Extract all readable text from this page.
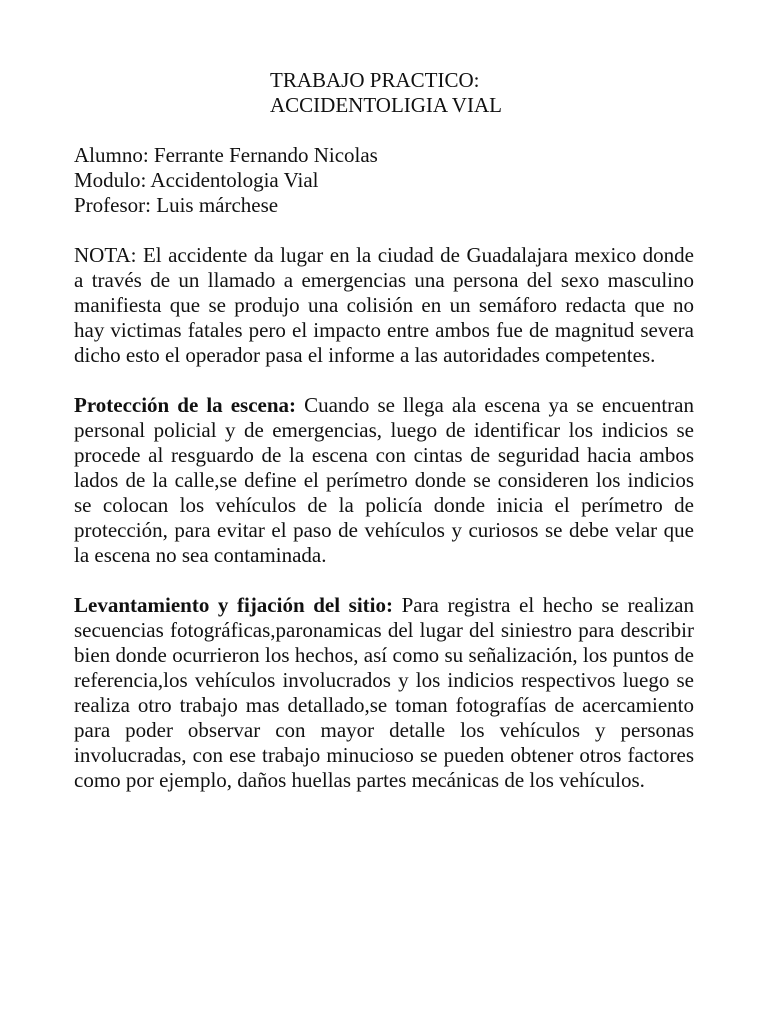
TRABAJO PRACTICO:
ACCIDENTOLIGIA VIAL
Alumno: Ferrante Fernando Nicolas
Modulo: Accidentologia Vial
Profesor: Luis márchese

NOTA: El accidente da lugar en la ciudad de Guadalajara mexico donde a través de un llamado a emergencias una persona del sexo masculino manifiesta que se produjo una colisión en un semáforo redacta que no hay victimas fatales pero el impacto entre ambos fue de magnitud severa dicho esto el operador pasa el informe a las autoridades competentes.

Protección de la escena: Cuando se llega ala escena ya se encuentran personal policial y de emergencias, luego de identificar los indicios se procede al resguardo de la escena con cintas de seguridad hacia ambos lados de la calle,se define el perímetro donde se consideren los indicios se colocan los vehículos de la policía donde inicia el perímetro de protección, para evitar el paso de vehículos y curiosos se debe velar que la escena no sea contaminada.

Levantamiento y fijación del sitio: Para registra el hecho se realizan secuencias fotográficas,paronamicas del lugar del siniestro para describir bien donde ocurrieron los hechos, así como su señalización, los puntos de referencia,los vehículos involucrados y los indicios respectivos luego se realiza otro trabajo mas detallado,se toman fotografías de acercamiento para poder observar con mayor detalle los vehículos y personas involucradas, con ese trabajo minucioso se pueden obtener otros factores como por ejemplo, daños huellas partes mecánicas de los vehículos.
